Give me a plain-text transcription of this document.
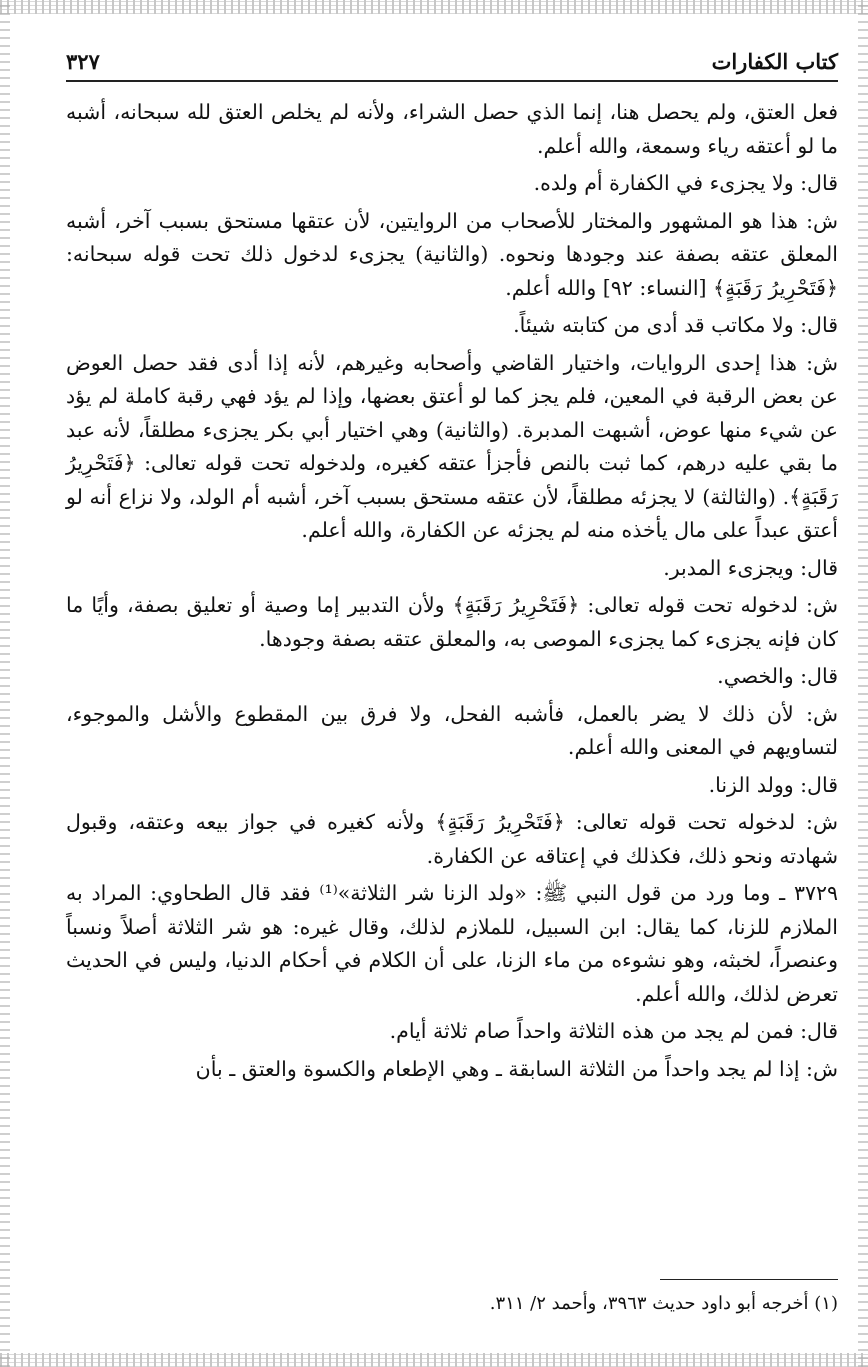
كتاب الكفارات
٣٢٧

فعل العتق، ولم يحصل هنا، إنما الذي حصل الشراء، ولأنه لم يخلص العتق لله سبحانه، أشبه ما لو أعتقه رياء وسمعة، والله أعلم.

قال: ولا يجزىء في الكفارة أم ولده.

ش: هذا هو المشهور والمختار للأصحاب من الروايتين، لأن عتقها مستحق بسبب آخر، أشبه المعلق عتقه بصفة عند وجودها ونحوه. (والثانية) يجزىء لدخول ذلك تحت قوله سبحانه: ﴿فَتَحْرِيرُ رَقَبَةٍ﴾ [النساء: ٩٢] والله أعلم.

قال: ولا مكاتب قد أدى من كتابته شيئاً.

ش: هذا إحدى الروايات، واختيار القاضي وأصحابه وغيرهم، لأنه إذا أدى فقد حصل العوض عن بعض الرقبة في المعين، فلم يجز كما لو أعتق بعضها، وإذا لم يؤد فهي رقبة كاملة لم يؤد عن شيء منها عوض، أشبهت المدبرة. (والثانية) وهي اختيار أبي بكر يجزىء مطلقاً، لأنه عبد ما بقي عليه درهم، كما ثبت بالنص فأجزأ عتقه كغيره، ولدخوله تحت قوله تعالى: ﴿فَتَحْرِيرُ رَقَبَةٍ﴾. (والثالثة) لا يجزئه مطلقاً، لأن عتقه مستحق بسبب آخر، أشبه أم الولد، ولا نزاع أنه لو أعتق عبداً على مال يأخذه منه لم يجزئه عن الكفارة، والله أعلم.

قال: ويجزىء المدبر.

ش: لدخوله تحت قوله تعالى: ﴿فَتَحْرِيرُ رَقَبَةٍ﴾ ولأن التدبير إما وصية أو تعليق بصفة، وأيًا ما كان فإنه يجزىء كما يجزىء الموصى به، والمعلق عتقه بصفة وجودها.

قال: والخصي.

ش: لأن ذلك لا يضر بالعمل، فأشبه الفحل، ولا فرق بين المقطوع والأشل والموجوء، لتساويهم في المعنى والله أعلم.

قال: وولد الزنا.

ش: لدخوله تحت قوله تعالى: ﴿فَتَحْرِيرُ رَقَبَةٍ﴾ ولأنه كغيره في جواز بيعه وعتقه، وقبول شهادته ونحو ذلك، فكذلك في إعتاقه عن الكفارة.

٣٧٢٩ ـ وما ورد من قول النبي ﷺ: «ولد الزنا شر الثلاثة»⁽¹⁾ فقد قال الطحاوي: المراد به الملازم للزنا، كما يقال: ابن السبيل، للملازم لذلك، وقال غيره: هو شر الثلاثة أصلاً ونسباً وعنصراً، لخبثه، وهو نشوءه من ماء الزنا، على أن الكلام في أحكام الدنيا، وليس في الحديث تعرض لذلك، والله أعلم.

قال: فمن لم يجد من هذه الثلاثة واحداً صام ثلاثة أيام.

ش: إذا لم يجد واحداً من الثلاثة السابقة ـ وهي الإطعام والكسوة والعتق ـ بأن

(١) أخرجه أبو داود حديث ٣٩٦٣، وأحمد ٢/ ٣١١.
